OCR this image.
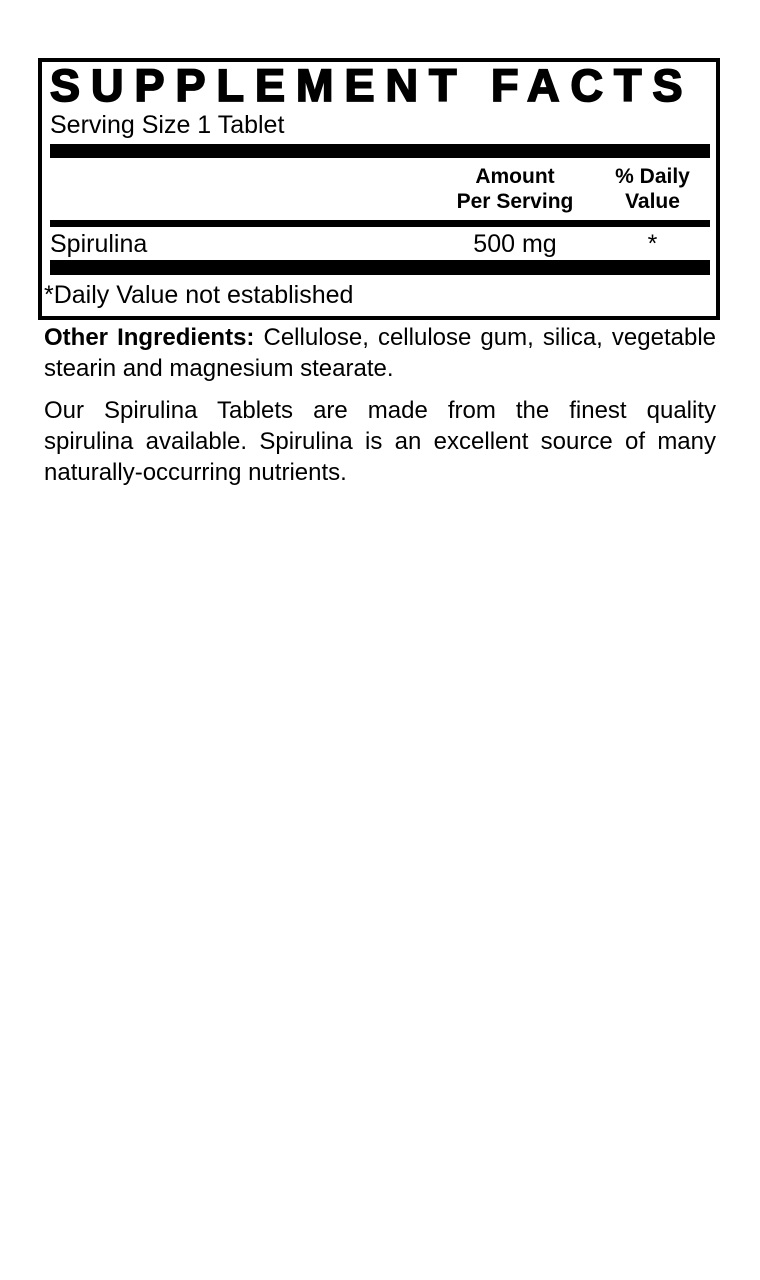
SUPPLEMENT FACTS
Serving Size 1 Tablet
Amount
Per Serving
% Daily
Value
Spirulina	500 mg	*
*Daily Value not established
Other Ingredients: Cellulose, cellulose gum, silica, vegetable
stearin and magnesium stearate.
Our Spirulina Tablets are made from the finest quality
spirulina available. Spirulina is an excellent source of many
naturally-occurring nutrients.
